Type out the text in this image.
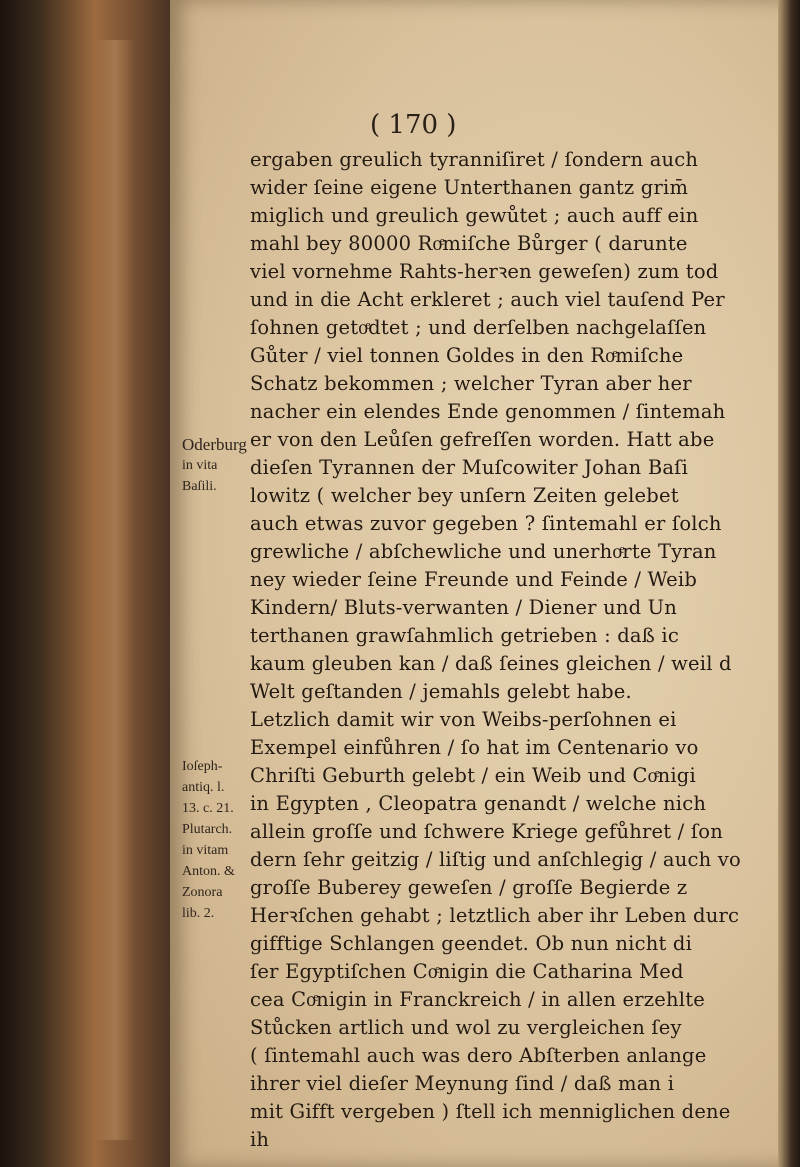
( 170 )
ergaben greulich tyranniſiret / ſondern auch
wider ſeine eigene Unterthanen gantz grim̄
miglich und greulich gewůtet ; auch auff ein
mahl bey 80000 Roͤmiſche Bůrger ( darunte
viel vornehme Rahts-herꝛen geweſen) zum tod
und in die Acht erkleret ; auch viel tauſend Per
ſohnen getoͤdtet ; und derſelben nachgelaſſen
Gůter / viel tonnen Goldes in den Roͤmiſche
Schatz bekommen ; welcher Tyran aber her
nacher ein elendes Ende genommen / ſintemah
er von den Leůſen gefreſſen worden. Hatt abe
dieſen Tyrannen der Muſcowiter Johan Baſi
lowitz ( welcher bey unſern Zeiten gelebet
auch etwas zuvor gegeben ? ſintemahl er ſolch
grewliche / abſchewliche und unerhoͤrte Tyran
ney wieder ſeine Freunde und Feinde / Weib
Kindern/ Bluts-verwanten / Diener und Un
terthanen grawſahmlich getrieben : daß ic
kaum gleuben kan / daß ſeines gleichen / weil d
Welt geſtanden / jemahls gelebt habe.
Letzlich damit wir von Weibs-perſohnen ei
Exempel einfůhren / ſo hat im Centenario vo
Chriſti Geburth gelebt / ein Weib und Coͤnigi
in Egypten , Cleopatra genandt / welche nich
allein groſſe und ſchwere Kriege gefůhret / ſon
dern ſehr geitzig / liſtig und anſchlegig / auch vo
groſſe Buberey geweſen / groſſe Begierde z
Herꝛſchen gehabt ; letztlich aber ihr Leben durc
gifftige Schlangen geendet. Ob nun nicht di
ſer Egyptiſchen Coͤnigin die Catharina Med
cea Coͤnigin in Franckreich / in allen erzehlte
Stůcken artlich und wol zu vergleichen ſey
( ſintemahl auch was dero Abſterben anlange
ihrer viel dieſer Meynung ſind / daß man i
mit Gifft vergeben ) ſtell ich menniglichen dene
ih
Oderburg
in vita
Baſili.
Ioſeph-
antiq. l.
13. c. 21.
Plutarch.
in vitam
Anton. &
Zonora
lib. 2.
